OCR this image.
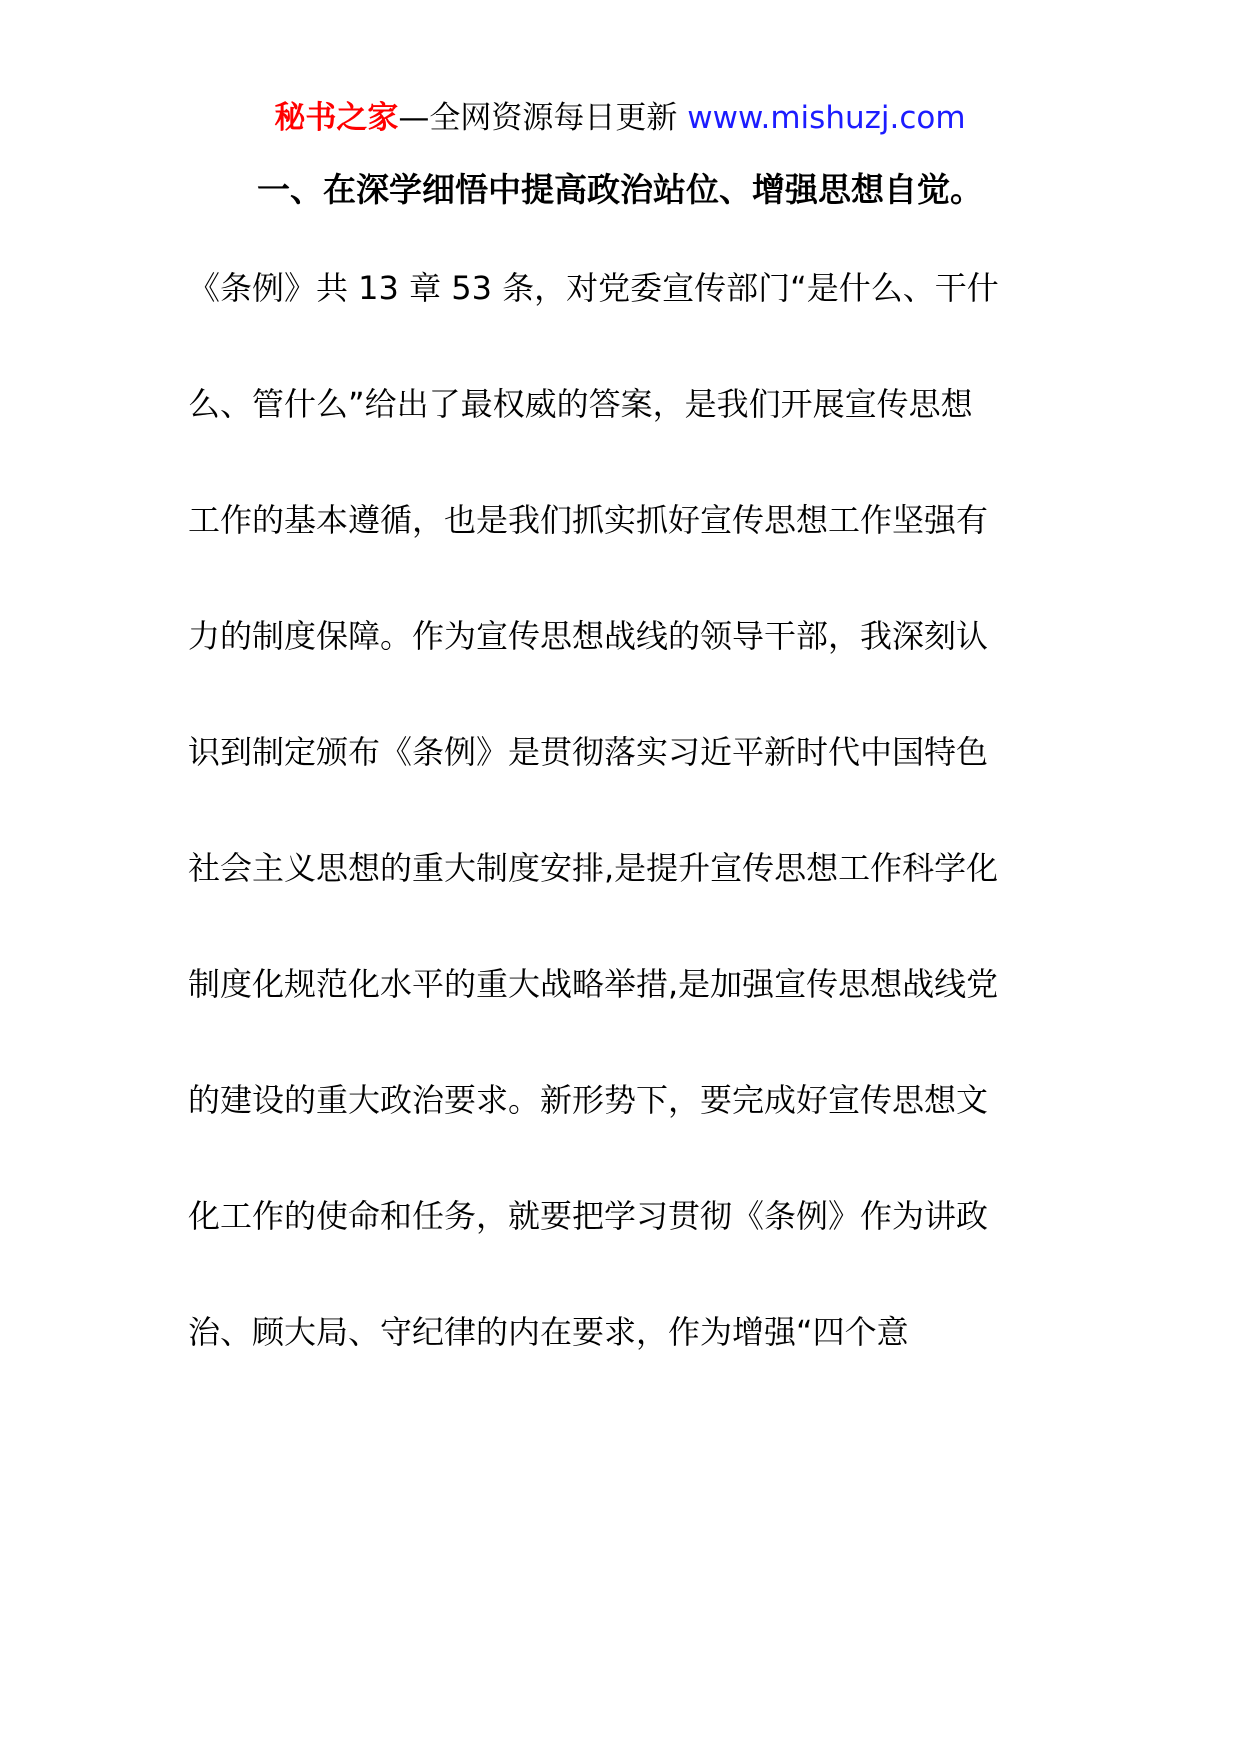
秘书之家—全网资源每日更新 www.mishuzj.com
一、在深学细悟中提高政治站位、增强思想自觉。
《条例》共 13 章 53 条，对党委宣传部门“是什么、干什
么、管什么”给出了最权威的答案，是我们开展宣传思想
工作的基本遵循，也是我们抓实抓好宣传思想工作坚强有
力的制度保障。作为宣传思想战线的领导干部，我深刻认
识到制定颁布《条例》是贯彻落实习近平新时代中国特色
社会主义思想的重大制度安排,是提升宣传思想工作科学化
制度化规范化水平的重大战略举措,是加强宣传思想战线党
的建设的重大政治要求。新形势下，要完成好宣传思想文
化工作的使命和任务，就要把学习贯彻《条例》作为讲政
治、顾大局、守纪律的内在要求，作为增强“四个意
